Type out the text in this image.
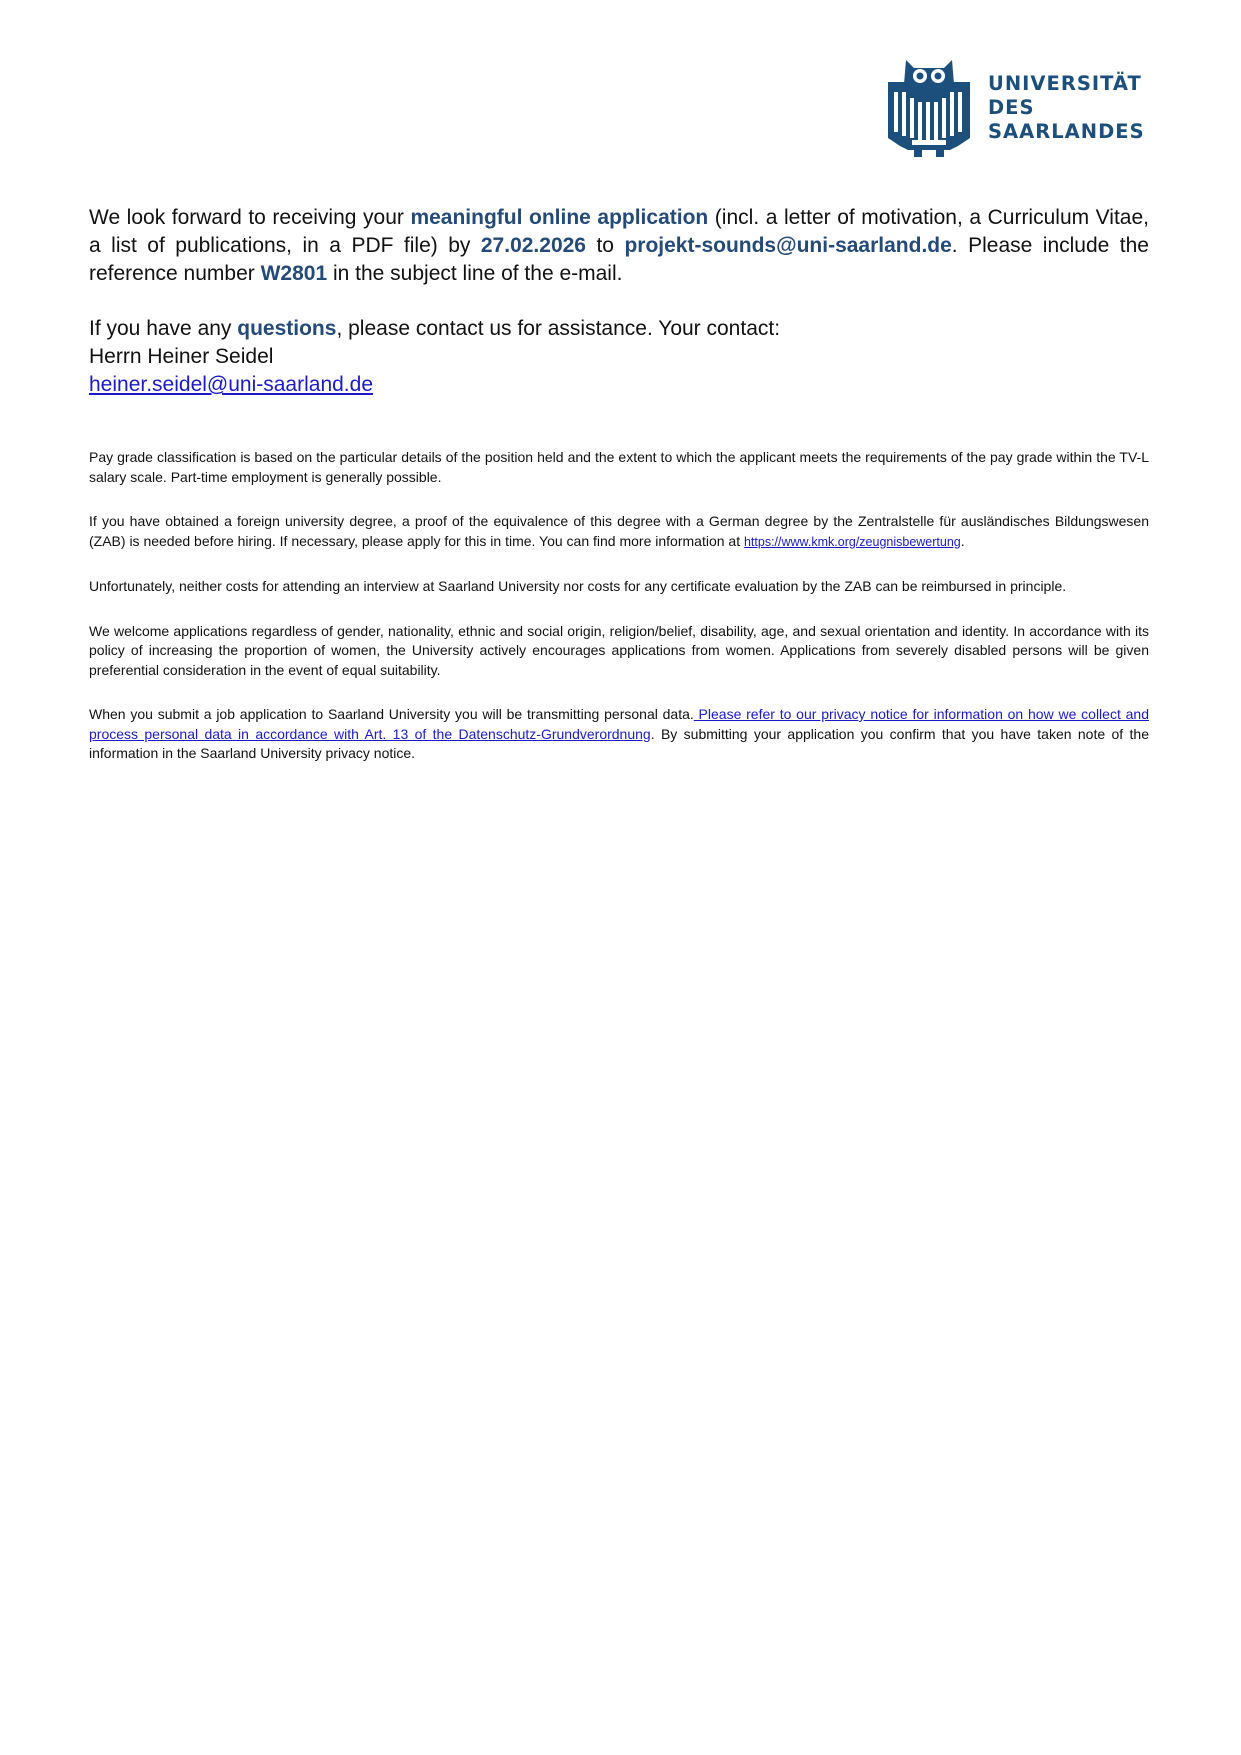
UNIVERSITÄT
DES
SAARLANDES

We look forward to receiving your meaningful online application (incl. a letter of motivation, a Curriculum Vitae, a list of publications, in a PDF file) by 27.02.2026 to projekt-sounds@uni-saarland.de. Please include the reference number W2801 in the subject line of the e-mail.

If you have any questions, please contact us for assistance. Your contact:

Herrn Heiner Seidel

heiner.seidel@uni-saarland.de

Pay grade classification is based on the particular details of the position held and the extent to which the applicant meets the requirements of the pay grade within the TV-L salary scale. Part-time employment is generally possible.

If you have obtained a foreign university degree, a proof of the equivalence of this degree with a German degree by the Zentralstelle für ausländisches Bildungswesen (ZAB) is needed before hiring. If necessary, please apply for this in time. You can find more information at https://www.kmk.org/zeugnisbewertung.

Unfortunately, neither costs for attending an interview at Saarland University nor costs for any certificate evaluation by the ZAB can be reimbursed in principle.

We welcome applications regardless of gender, nationality, ethnic and social origin, religion/belief, disability, age, and sexual orientation and identity. In accordance with its policy of increasing the proportion of women, the University actively encourages applications from women. Applications from severely disabled persons will be given preferential consideration in the event of equal suitability.

When you submit a job application to Saarland University you will be transmitting personal data. Please refer to our privacy notice for information on how we collect and process personal data in accordance with Art. 13 of the Datenschutz-Grundverordnung. By submitting your application you confirm that you have taken note of the information in the Saarland University privacy notice.
